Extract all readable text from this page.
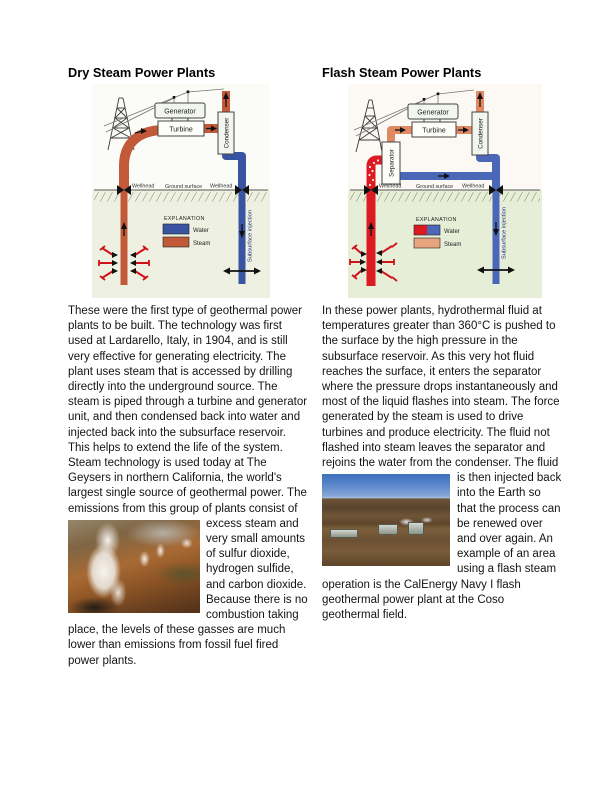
Dry Steam Power Plants	Flash Steam Power Plants
Generator
Turbine	Condenser
Wellhead Ground surface Wellhead
EXPLANATION
Water
Steam	Subsurface injection
Generator
Turbine	Condenser
Separator
Wellhead	Ground surface Wellhead
EXPLANATION
Water
Steam	Subsurface injection
These were the first type of geothermal power plants to be built. The technology was first used at Lardarello, Italy, in 1904, and is still very effective for generating electricity. The plant uses steam that is accessed by drilling directly into the underground source. The steam is piped through a turbine and generator unit, and then condensed back into water and injected back into the subsurface reservoir. This helps to extend the life of the system. Steam technology is used today at The Geysers in northern California, the world's largest single source of geothermal power. The emissions from this group of
plants consist of excess steam and very small amounts of sulfur dioxide, hydrogen sulfide, and carbon dioxide. Because there is no combustion taking place, the levels of these gasses are much lower than emissions from fossil fuel fired power plants.
In these power plants, hydrothermal fluid at temperatures greater than 360°C is pushed to the surface by the high pressure in the subsurface reservoir. As this very hot fluid reaches the surface, it enters the separator where the pressure drops instantaneously and most of the liquid flashes into steam. The force generated by the steam is used to drive turbines and produce electricity. The fluid not flashed into steam leaves the separator and rejoins the water from the condenser. The fluid is then
injected back into the Earth so that the process can be renewed over and over again. An example of an area using a flash steam operation is the CalEnergy Navy I flash geothermal power plant at the Coso geothermal field.
